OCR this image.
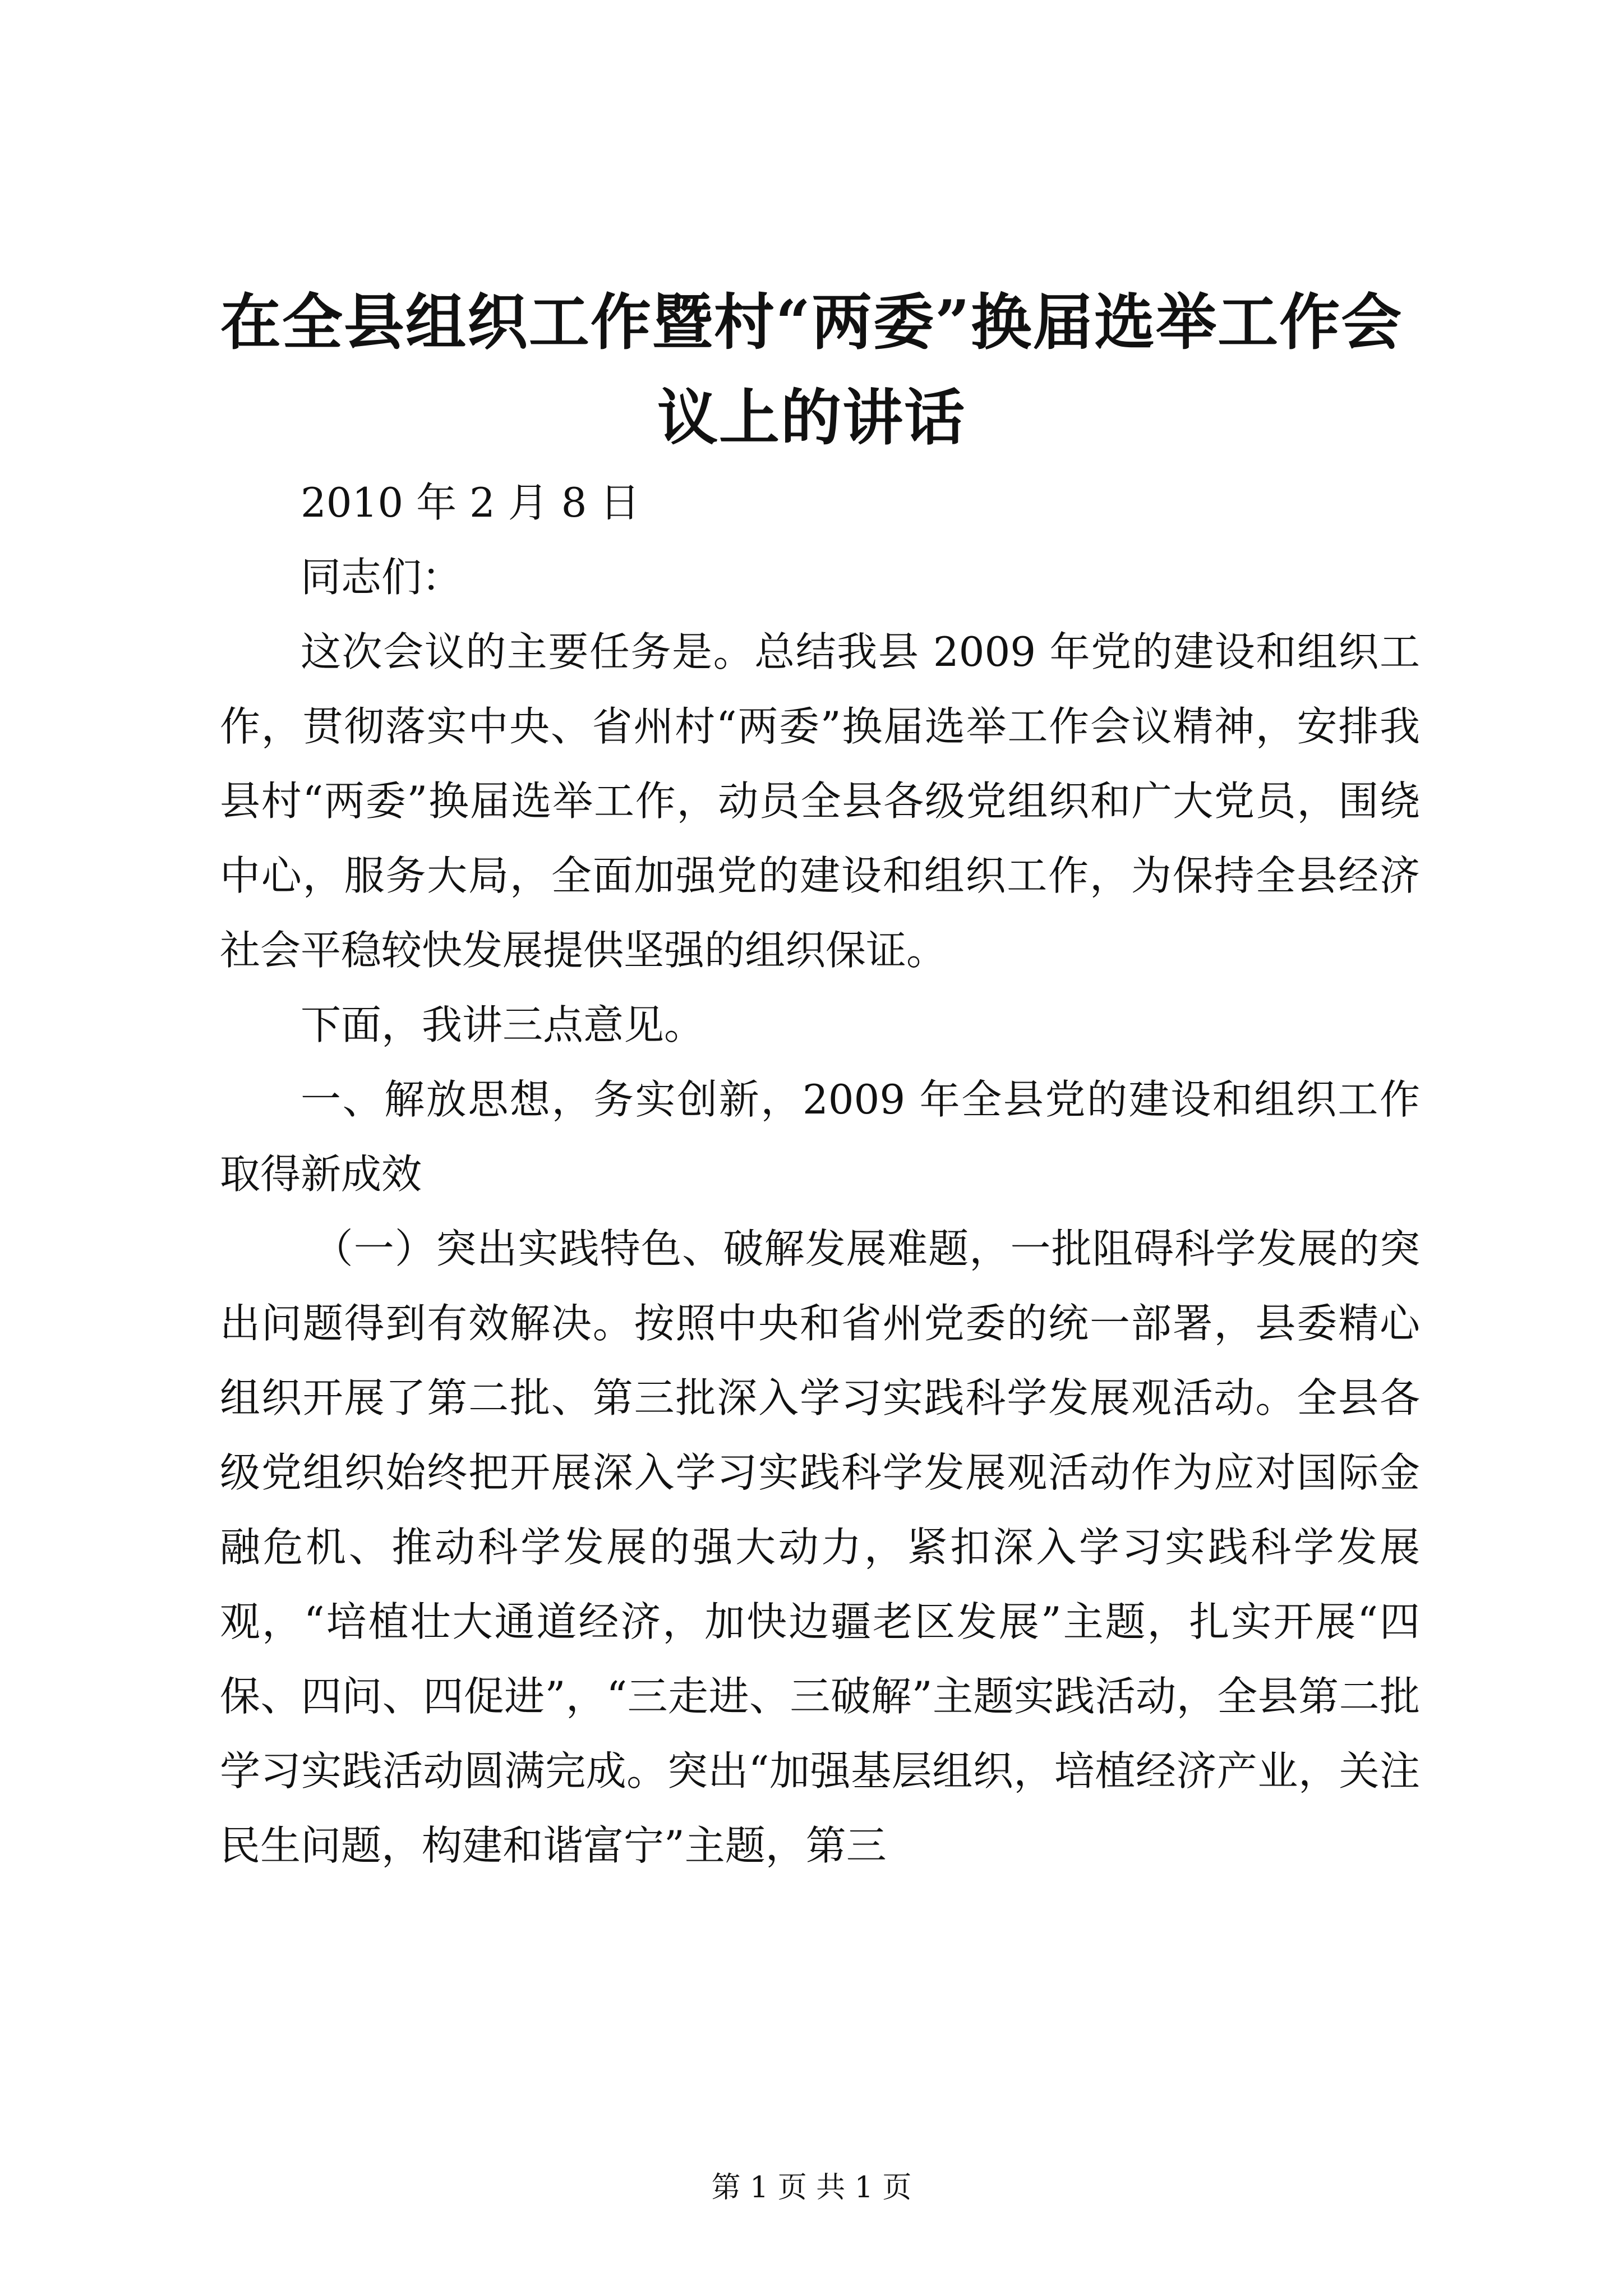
在全县组织工作暨村“两委”换届选举工作会
议上的讲话

2010 年 2 月 8 日

同志们：

这次会议的主要任务是。总结我县 2009 年党的建设和组织工作，贯彻落实中央、省州村“两委”换届选举工作会议精神，安排我县村“两委”换届选举工作，动员全县各级党组织和广大党员，围绕中心，服务大局，全面加强党的建设和组织工作，为保持全县经济社会平稳较快发展提供坚强的组织保证。

下面，我讲三点意见。

一、解放思想，务实创新，2009 年全县党的建设和组织工作取得新成效

（一）突出实践特色、破解发展难题，一批阻碍科学发展的突出问题得到有效解决。按照中央和省州党委的统一部署，县委精心组织开展了第二批、第三批深入学习实践科学发展观活动。全县各级党组织始终把开展深入学习实践科学发展观活动作为应对国际金融危机、推动科学发展的强大动力，紧扣深入学习实践科学发展观，“培植壮大通道经济，加快边疆老区发展”主题，扎实开展“四保、四问、四促进”，“三走进、三破解”主题实践活动，全县第二批学习实践活动圆满完成。突出“加强基层组织，培植经济产业，关注民生问题，构建和谐富宁”主题，第三

第 1 页 共 1 页
